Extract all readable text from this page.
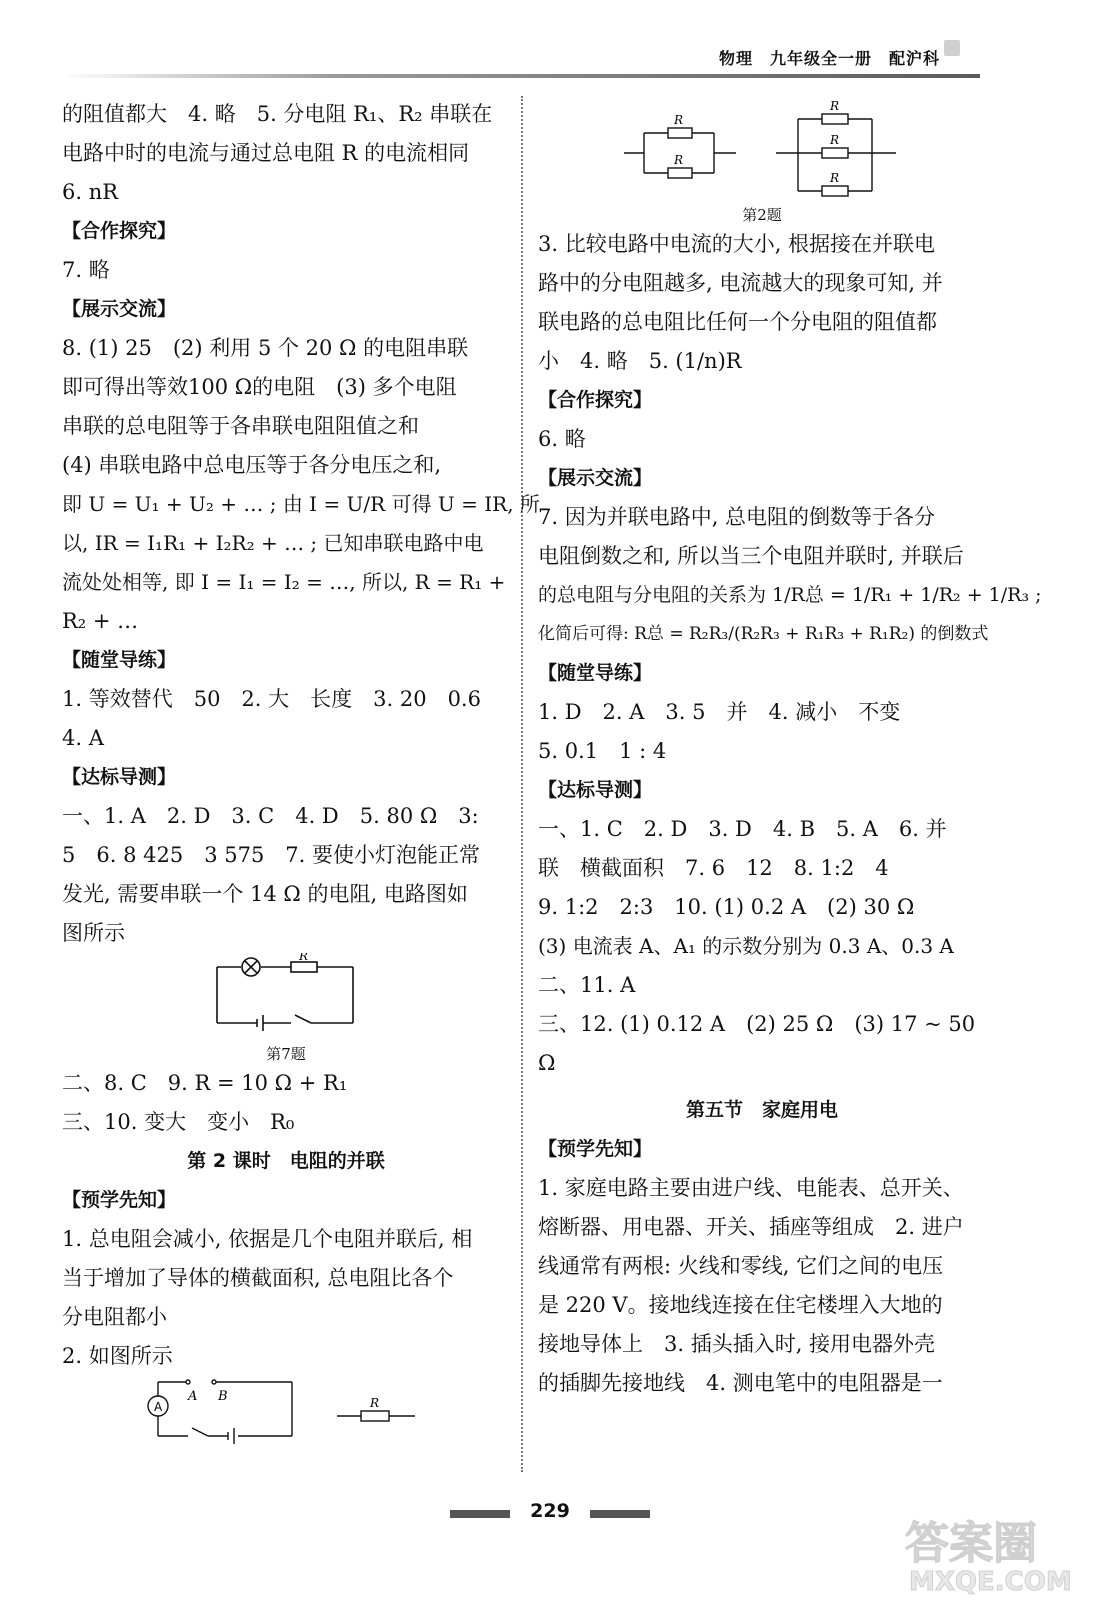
物理　九年级全一册　配沪科
的阻值都大　4. 略　5. 分电阻 R₁、R₂ 串联在
电路中时的电流与通过总电阻 R 的电流相同
6. nR
【合作探究】
7. 略
【展示交流】
8. (1) 25　(2) 利用 5 个 20 Ω 的电阻串联
即可得出等效100 Ω的电阻　(3) 多个电阻
串联的总电阻等于各串联电阻阻值之和
(4) 串联电路中总电压等于各分电压之和,
即 U = U₁ + U₂ + … ; 由 I = U/R 可得 U = IR, 所
以, IR = I₁R₁ + I₂R₂ + … ; 已知串联电路中电
流处处相等, 即 I = I₁ = I₂ = …, 所以, R = R₁ +
R₂ + …
【随堂导练】
1. 等效替代　50　2. 大　长度　3. 20　0.6
4. A
【达标导测】
一、1. A　2. D　3. C　4. D　5. 80 Ω　3:
5　6. 8 425　3 575　7. 要使小灯泡能正常
发光, 需要串联一个 14 Ω 的电阻, 电路图如
图所示
R
第7题
二、8. C　9. R = 10 Ω + R₁
三、10. 变大　变小　R₀
第 2 课时　电阻的并联
【预学先知】
1. 总电阻会减小, 依据是几个电阻并联后, 相
当于增加了导体的横截面积, 总电阻比各个
分电阻都小
2. 如图所示
A
A B	R
R
R
R
R
R
第2题
3. 比较电路中电流的大小, 根据接在并联电
路中的分电阻越多, 电流越大的现象可知, 并
联电路的总电阻比任何一个分电阻的阻值都
小　4. 略　5. (1/n)R
【合作探究】
6. 略
【展示交流】
7. 因为并联电路中, 总电阻的倒数等于各分
电阻倒数之和, 所以当三个电阻并联时, 并联后
的总电阻与分电阻的关系为 1/R总 = 1/R₁ + 1/R₂ + 1/R₃ ;
化简后可得: R总 = R₂R₃/(R₂R₃ + R₁R₃ + R₁R₂) 的倒数式
【随堂导练】
1. D　2. A　3. 5　并　4. 减小　不变
5. 0.1　1 : 4
【达标导测】
一、1. C　2. D　3. D　4. B　5. A　6. 并
联　横截面积　7. 6　12　8. 1:2　4
9. 1:2　2:3　10. (1) 0.2 A　(2) 30 Ω
(3) 电流表 A、A₁ 的示数分别为 0.3 A、0.3 A
二、11. A
三、12. (1) 0.12 A　(2) 25 Ω　(3) 17 ~ 50
Ω
第五节　家庭用电
【预学先知】
1. 家庭电路主要由进户线、电能表、总开关、
熔断器、用电器、开关、插座等组成　2. 进户
线通常有两根: 火线和零线, 它们之间的电压
是 220 V。接地线连接在住宅楼埋入大地的
接地导体上　3. 插头插入时, 接用电器外壳
的插脚先接地线　4. 测电笔中的电阻器是一
229
答案圈
MXQE.COM
